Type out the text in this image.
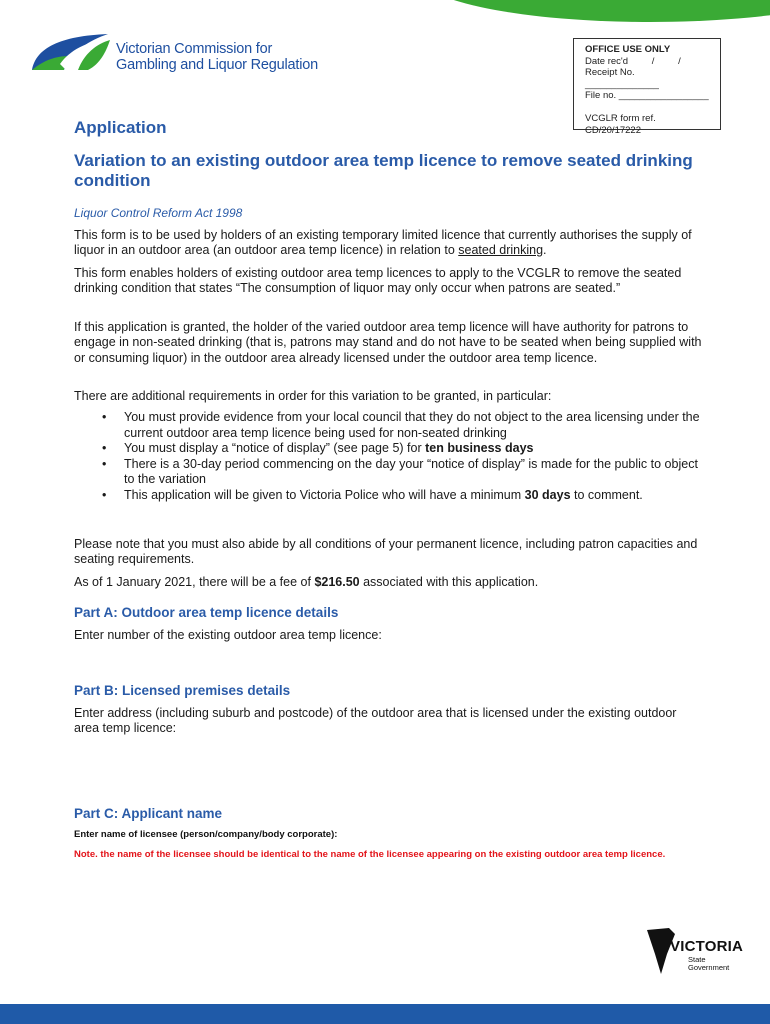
Victorian Commission for
Gambling and Liquor Regulation
OFFICE USE ONLY
Date rec'd         /         /
Receipt No. ______________
File no. _________________
VCGLR form ref.
CD/20/17222
Application
Variation to an existing outdoor area temp licence to remove seated drinking condition
Liquor Control Reform Act 1998
This form is to be used by holders of an existing temporary limited licence that currently authorises the supply of liquor in an outdoor area (an outdoor area temp licence) in relation to seated drinking.
This form enables holders of existing outdoor area temp licences to apply to the VCGLR to remove the seated drinking condition that states “The consumption of liquor may only occur when patrons are seated.”
If this application is granted, the holder of the varied outdoor area temp licence will have authority for patrons to engage in non-seated drinking (that is, patrons may stand and do not have to be seated when being supplied with or consuming liquor) in the outdoor area already licensed under the outdoor area temp licence.
There are additional requirements in order for this variation to be granted, in particular:
• You must provide evidence from your local council that they do not object to the area licensing under the current outdoor area temp licence being used for non-seated drinking
• You must display a “notice of display” (see page 5) for ten business days
• There is a 30-day period commencing on the day your “notice of display” is made for the public to object to the variation
• This application will be given to Victoria Police who will have a minimum 30 days to comment.
Please note that you must also abide by all conditions of your permanent licence, including patron capacities and seating requirements.
As of 1 January 2021, there will be a fee of $216.50 associated with this application.
Part A: Outdoor area temp licence details
Enter number of the existing outdoor area temp licence:
Part B: Licensed premises details
Enter address (including suburb and postcode) of the outdoor area that is licensed under the existing outdoor area temp licence:
Part C: Applicant name
Enter name of licensee (person/company/body corporate):
Note. the name of the licensee should be identical to the name of the licensee appearing on the existing outdoor area temp licence.
VICTORIA
State
Government
